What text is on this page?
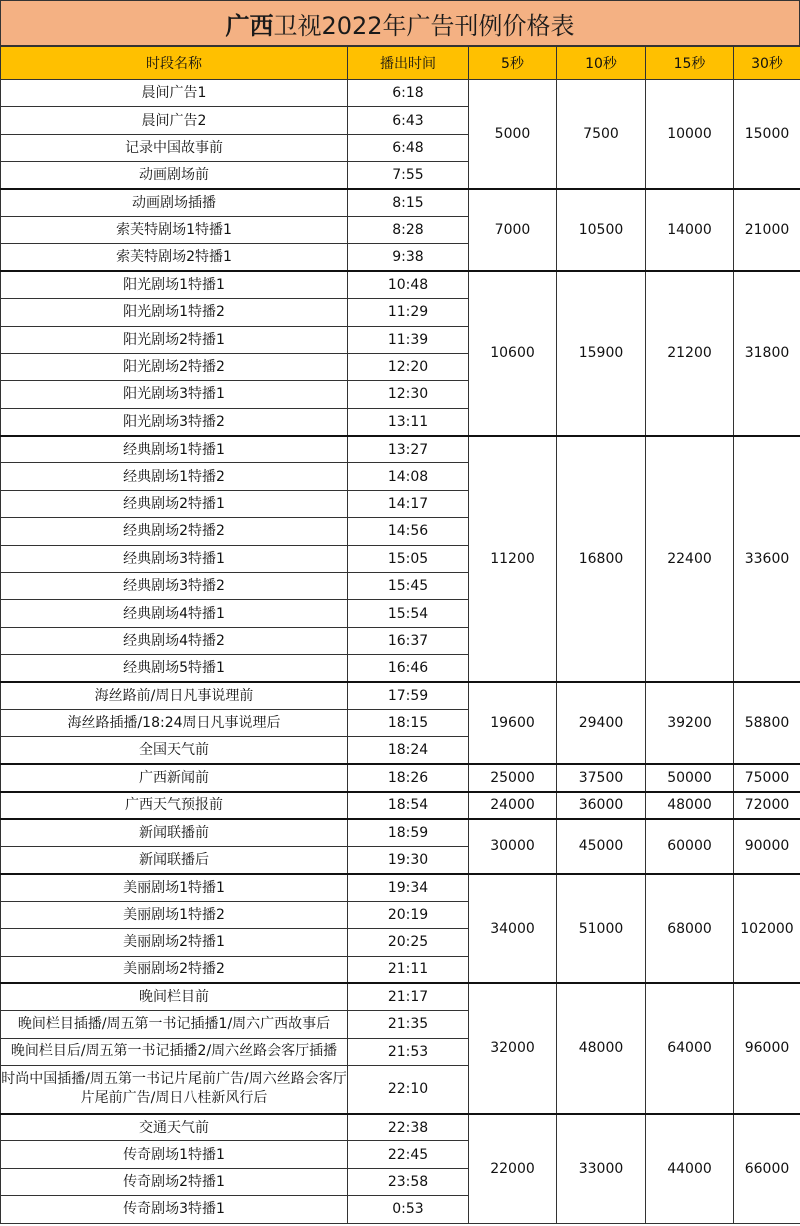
广西 卫视2022年广告刊例价格表
时段名称	播出时间	5秒	10秒	15秒	30秒
晨间广告1	6:18	5000	7500	10000	15000
晨间广告2	6:43				
记录中国故事前	6:48				
动画剧场前	7:55				
动画剧场插播	8:15	7000	10500	14000	21000
索芙特剧场1特播1	8:28				
索芙特剧场2特播1	9:38				
阳光剧场1特播1	10:48	10600	15900	21200	31800
阳光剧场1特播2	11:29				
阳光剧场2特播1	11:39				
阳光剧场2特播2	12:20				
阳光剧场3特播1	12:30				
阳光剧场3特播2	13:11				
经典剧场1特播1	13:27	11200	16800	22400	33600
经典剧场1特播2	14:08				
经典剧场2特播1	14:17				
经典剧场2特播2	14:56				
经典剧场3特播1	15:05				
经典剧场3特播2	15:45				
经典剧场4特播1	15:54				
经典剧场4特播2	16:37				
经典剧场5特播1	16:46				
海丝路前/周日凡事说理前	17:59	19600	29400	39200	58800
海丝路插播/18:24周日凡事说理后	18:15				
全国天气前	18:24				
广西新闻前	18:26	25000	37500	50000	75000
广西天气预报前	18:54	24000	36000	48000	72000
新闻联播前	18:59	30000	45000	60000	90000
新闻联播后	19:30				
美丽剧场1特播1	19:34	34000	51000	68000	102000
美丽剧场1特播2	20:19				
美丽剧场2特播1	20:25				
美丽剧场2特播2	21:11				
晚间栏目前	21:17	32000	48000	64000	96000
晚间栏目插播/周五第一书记插播1/周六广西故事后	21:35				
晚间栏目后/周五第一书记插播2/周六丝路会客厅插播	21:53				
时尚中国插播/周五第一书记片尾前广告/周六丝路会客厅片尾前广告/周日八桂新风行后	22:10				
交通天气前	22:38	22000	33000	44000	66000
传奇剧场1特播1	22:45				
传奇剧场2特播1	23:58				
传奇剧场3特播1	0:53				
